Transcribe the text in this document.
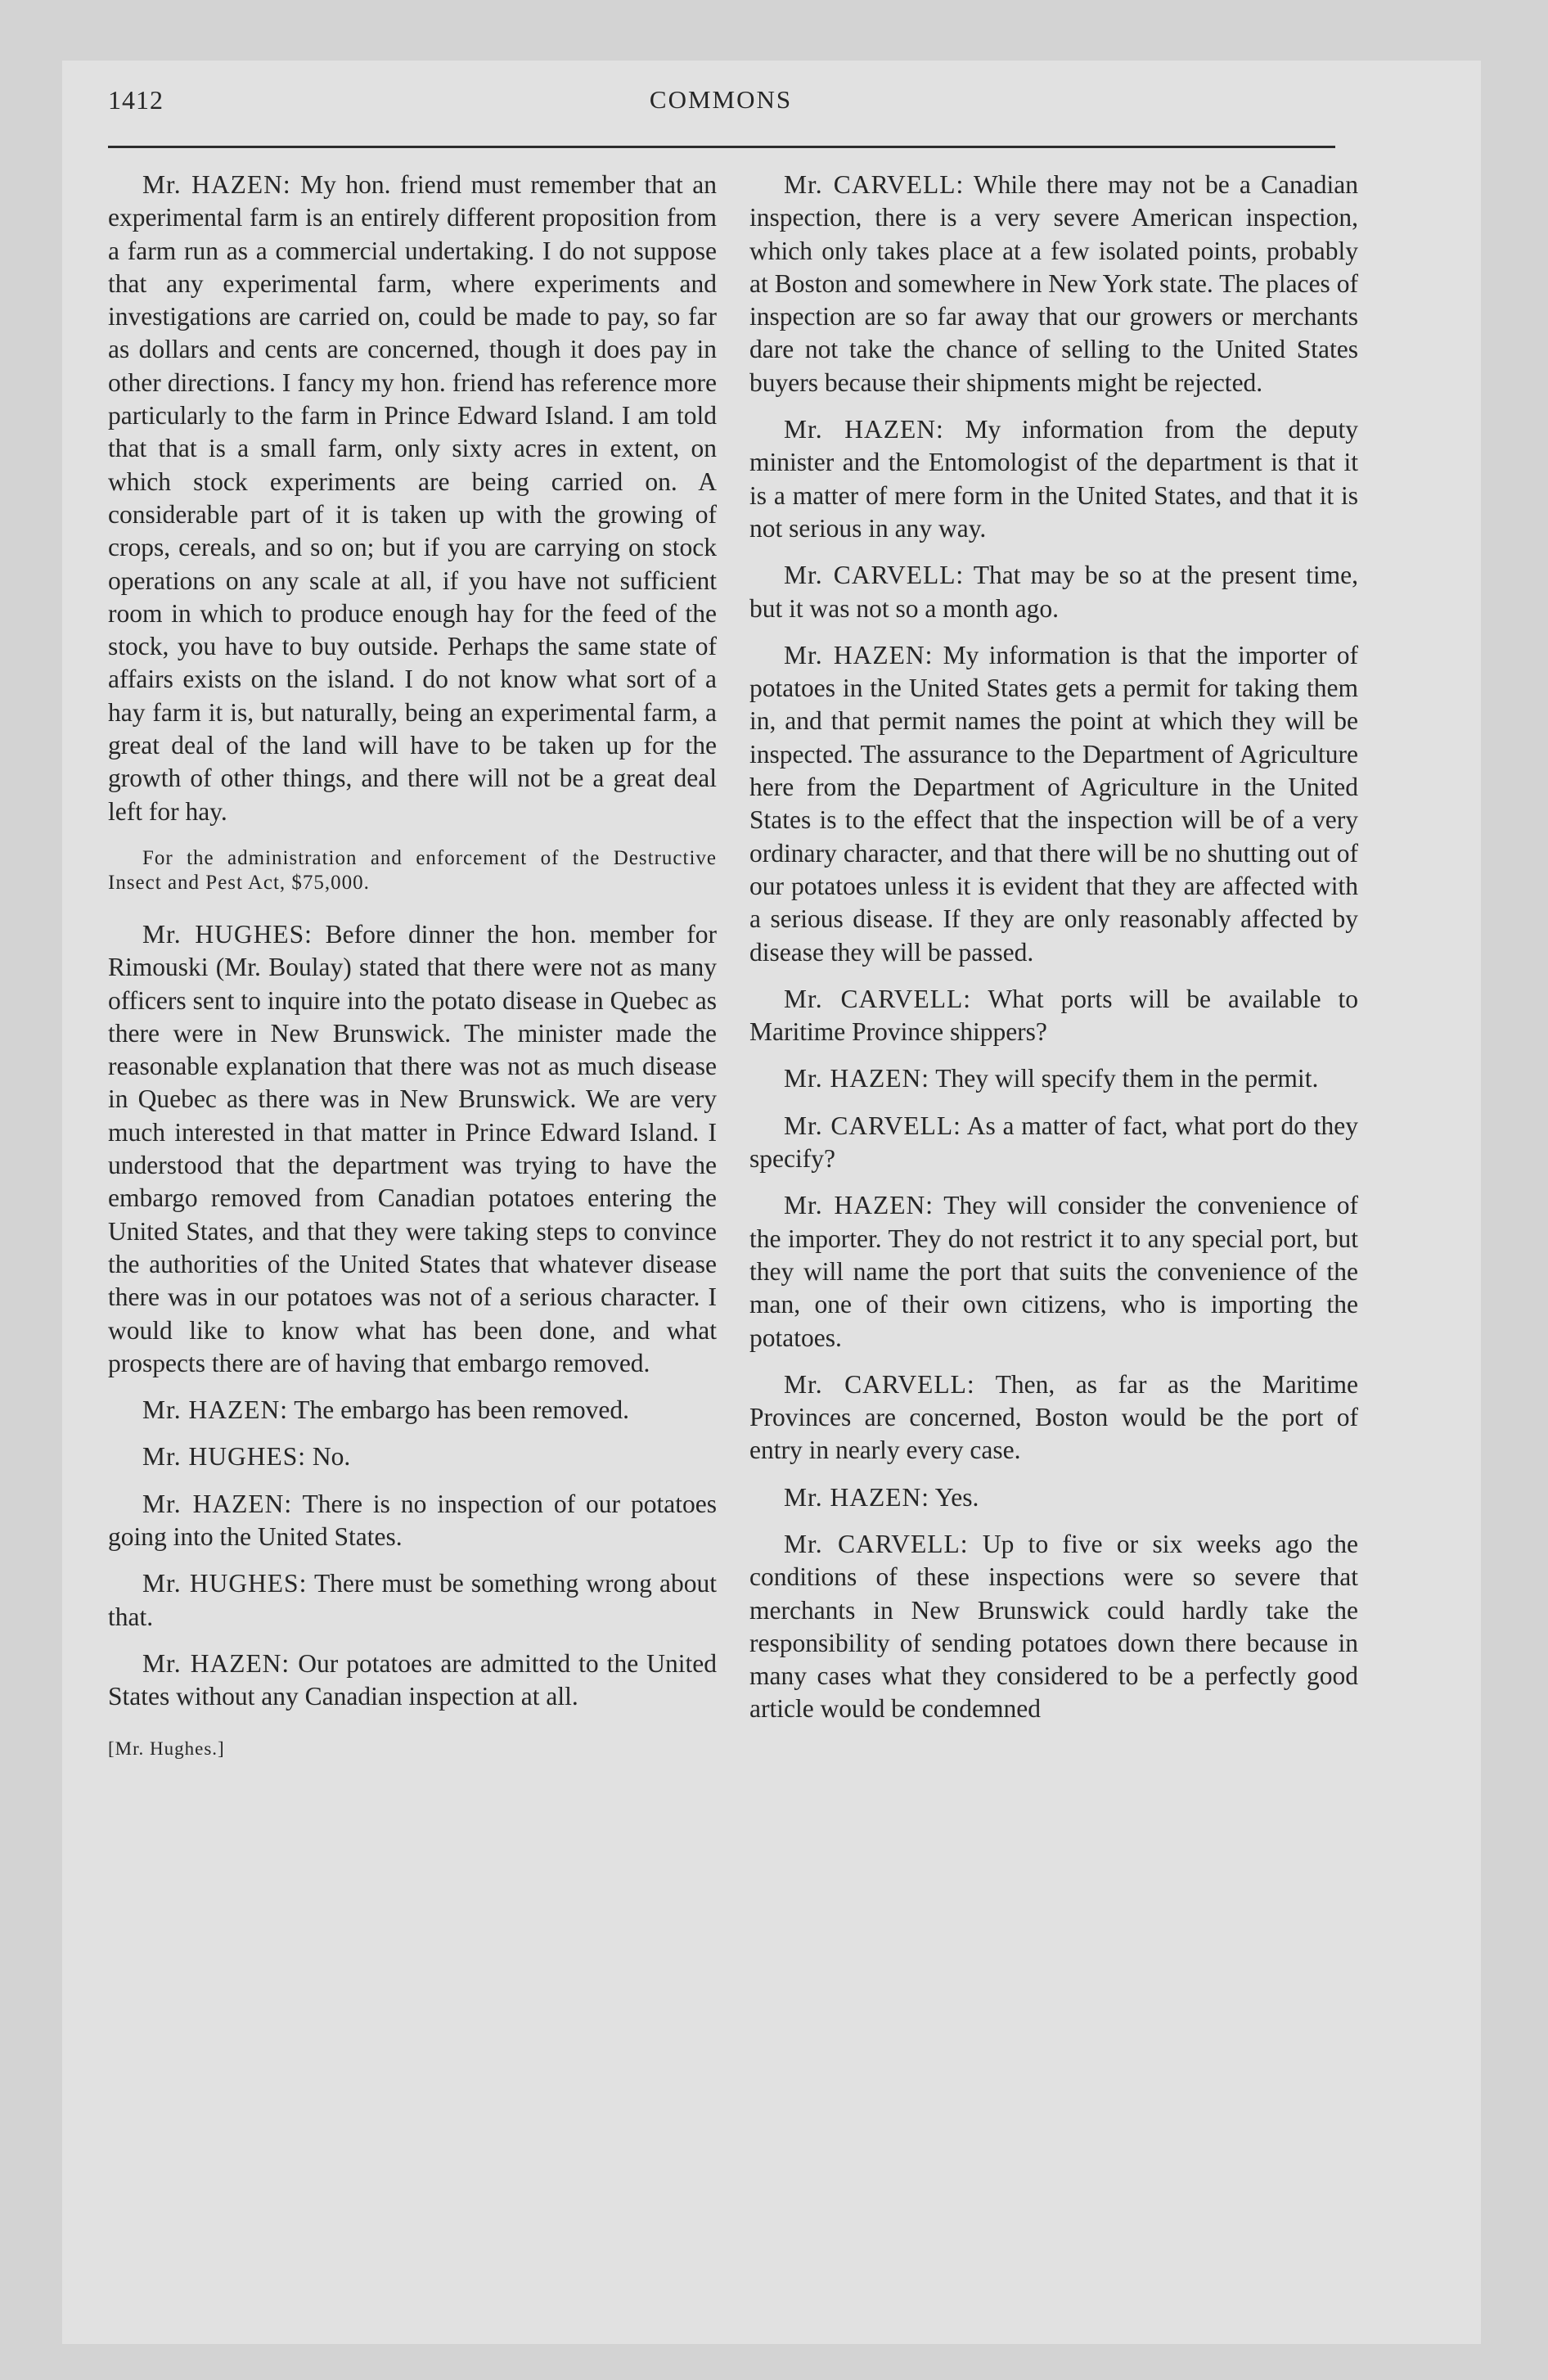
1412	COMMONS

Mr. HAZEN: My hon. friend must remember that an experimental farm is an entirely different proposition from a farm run as a commercial undertaking. I do not suppose that any experimental farm, where experiments and investigations are carried on, could be made to pay, so far as dollars and cents are concerned, though it does pay in other directions. I fancy my hon. friend has reference more particularly to the farm in Prince Edward Island. I am told that that is a small farm, only sixty acres in extent, on which stock experiments are being carried on. A considerable part of it is taken up with the growing of crops, cereals, and so on; but if you are carrying on stock operations on any scale at all, if you have not sufficient room in which to produce enough hay for the feed of the stock, you have to buy outside. Perhaps the same state of affairs exists on the island. I do not know what sort of a hay farm it is, but naturally, being an experimental farm, a great deal of the land will have to be taken up for the growth of other things, and there will not be a great deal left for hay.

For the administration and enforcement of the Destructive Insect and Pest Act, $75,000.

Mr. HUGHES: Before dinner the hon. member for Rimouski (Mr. Boulay) stated that there were not as many officers sent to inquire into the potato disease in Quebec as there were in New Brunswick. The minister made the reasonable explanation that there was not as much disease in Quebec as there was in New Brunswick. We are very much interested in that matter in Prince Edward Island. I understood that the department was trying to have the embargo removed from Canadian potatoes entering the United States, and that they were taking steps to convince the authorities of the United States that whatever disease there was in our potatoes was not of a serious character. I would like to know what has been done, and what prospects there are of having that embargo removed.

Mr. HAZEN: The embargo has been removed.

Mr. HUGHES: No.

Mr. HAZEN: There is no inspection of our potatoes going into the United States.

Mr. HUGHES: There must be something wrong about that.

Mr. HAZEN: Our potatoes are admitted to the United States without any Canadian inspection at all.

[Mr. Hughes.]

Mr. CARVELL: While there may not be a Canadian inspection, there is a very severe American inspection, which only takes place at a few isolated points, probably at Boston and somewhere in New York state. The places of inspection are so far away that our growers or merchants dare not take the chance of selling to the United States buyers because their shipments might be rejected.

Mr. HAZEN: My information from the deputy minister and the Entomologist of the department is that it is a matter of mere form in the United States, and that it is not serious in any way.

Mr. CARVELL: That may be so at the present time, but it was not so a month ago.

Mr. HAZEN: My information is that the importer of potatoes in the United States gets a permit for taking them in, and that permit names the point at which they will be inspected. The assurance to the Department of Agriculture here from the Department of Agriculture in the United States is to the effect that the inspection will be of a very ordinary character, and that there will be no shutting out of our potatoes unless it is evident that they are affected with a serious disease. If they are only reasonably affected by disease they will be passed.

Mr. CARVELL: What ports will be available to Maritime Province shippers?

Mr. HAZEN: They will specify them in the permit.

Mr. CARVELL: As a matter of fact, what port do they specify?

Mr. HAZEN: They will consider the convenience of the importer. They do not restrict it to any special port, but they will name the port that suits the convenience of the man, one of their own citizens, who is importing the potatoes.

Mr. CARVELL: Then, as far as the Maritime Provinces are concerned, Boston would be the port of entry in nearly every case.

Mr. HAZEN: Yes.

Mr. CARVELL: Up to five or six weeks ago the conditions of these inspections were so severe that merchants in New Brunswick could hardly take the responsibility of sending potatoes down there because in many cases what they considered to be a perfectly good article would be condemned
